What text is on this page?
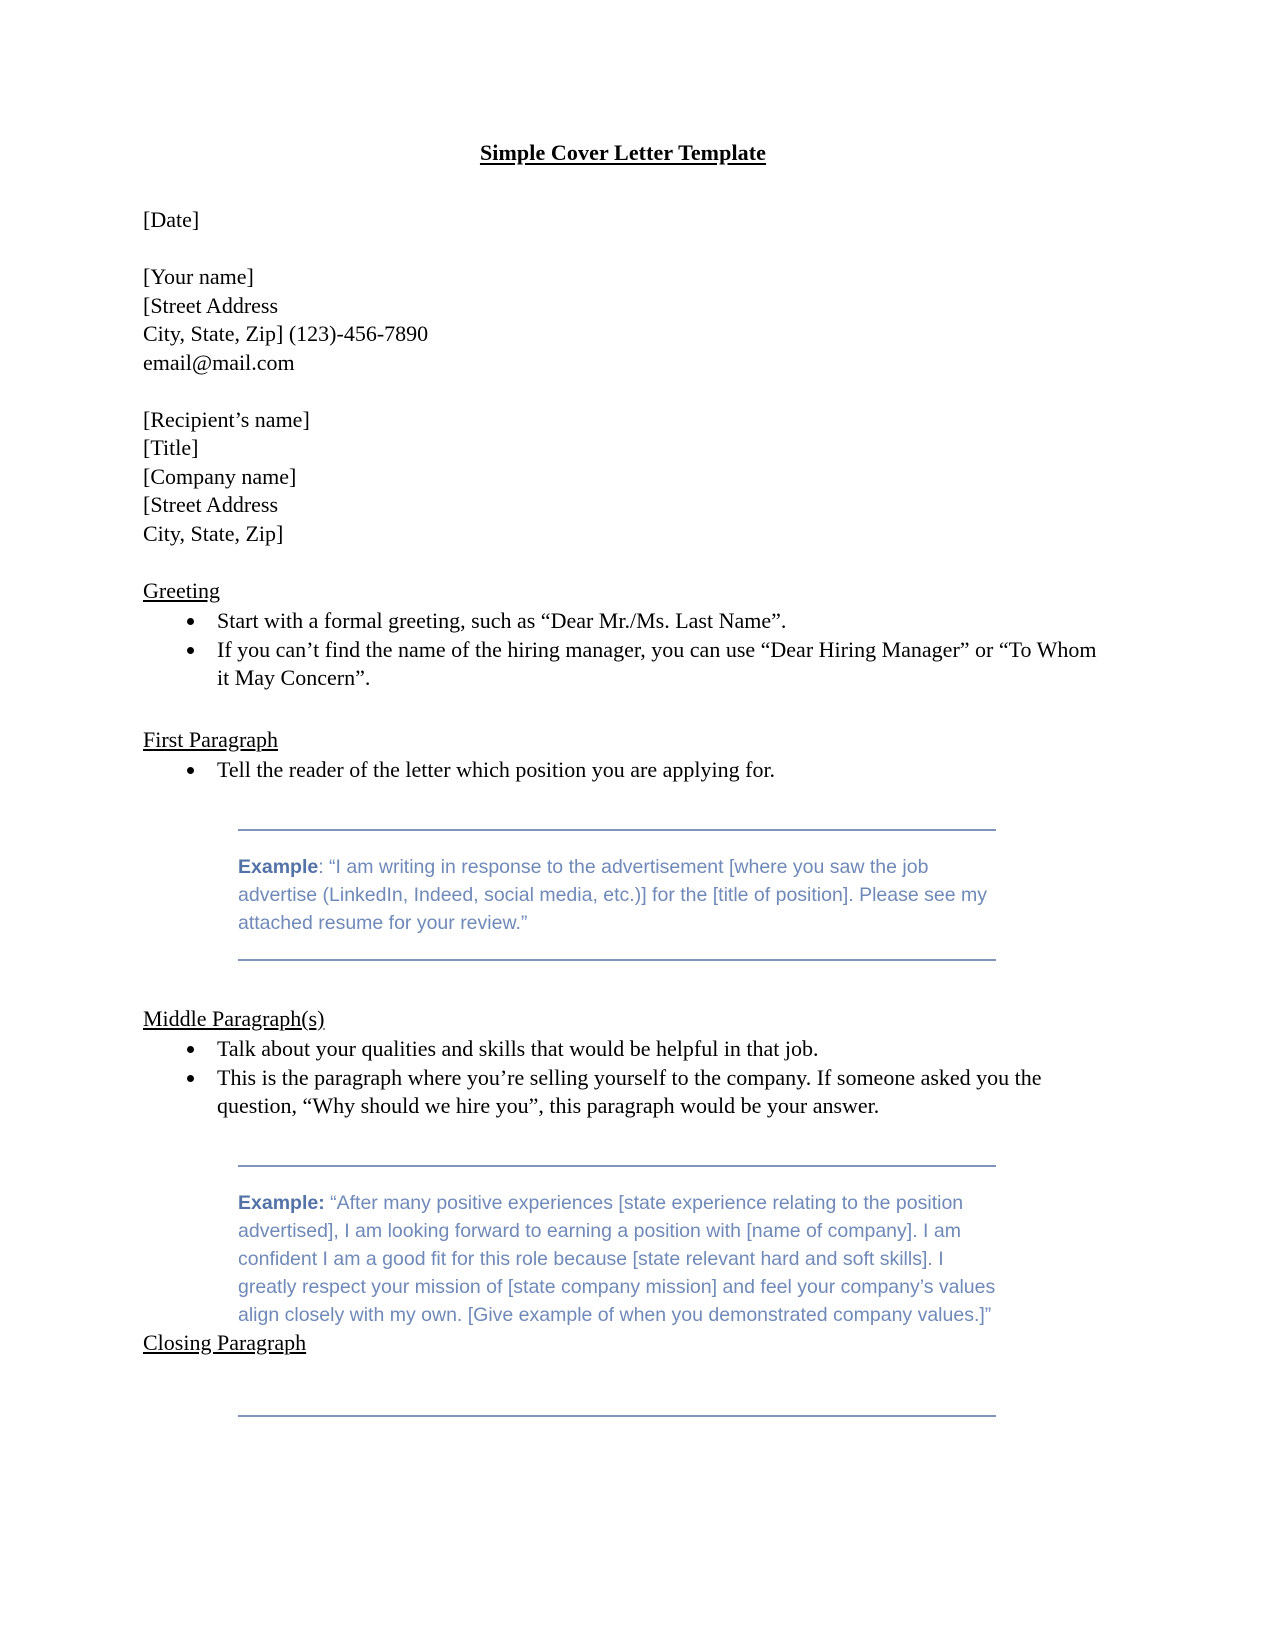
Simple Cover Letter Template
[Date]
[Your name]
[Street Address
City, State, Zip] (123)-456-7890
email@mail.com
[Recipient’s name]
[Title]
[Company name]
[Street Address
City, State, Zip]
Greeting
Start with a formal greeting, such as “Dear Mr./Ms. Last Name”.
If you can’t find the name of the hiring manager, you can use “Dear Hiring Manager” or “To Whom it May Concern”.
First Paragraph
Tell the reader of the letter which position you are applying for.
Example: “I am writing in response to the advertisement [where you saw the job advertise (LinkedIn, Indeed, social media, etc.)] for the [title of position]. Please see my attached resume for your review.”
Middle Paragraph(s)
Talk about your qualities and skills that would be helpful in that job.
This is the paragraph where you’re selling yourself to the company. If someone asked you the question, “Why should we hire you”, this paragraph would be your answer.
Example: “After many positive experiences [state experience relating to the position advertised], I am looking forward to earning a position with [name of company]. I am confident I am a good fit for this role because [state relevant hard and soft skills]. I greatly respect your mission of [state company mission] and feel your company’s values align closely with my own. [Give example of when you demonstrated company values.]”
Closing Paragraph
